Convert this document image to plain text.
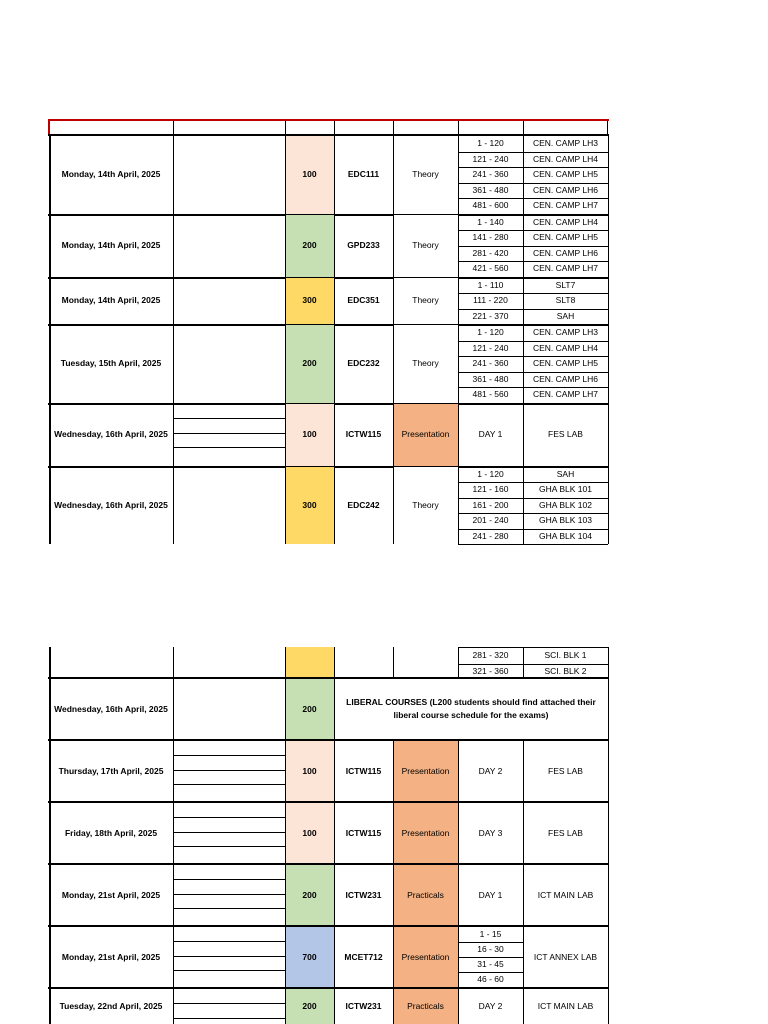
Monday, 14th April, 2025	100	EDC111	Theory
1 - 120	CEN. CAMP LH3
121 - 240	CEN. CAMP LH4
241 - 360	CEN. CAMP LH5
361 - 480	CEN. CAMP LH6
481 - 600	CEN. CAMP LH7
Monday, 14th April, 2025	200	GPD233	Theory
1 - 140	CEN. CAMP LH4
141 - 280	CEN. CAMP LH5
281 - 420	CEN. CAMP LH6
421 - 560	CEN. CAMP LH7
Monday, 14th April, 2025	300	EDC351	Theory
1 - 110	SLT7
111 - 220	SLT8
221 - 370	SAH
Tuesday, 15th April, 2025	200	EDC232	Theory
1 - 120	CEN. CAMP LH3
121 - 240	CEN. CAMP LH4
241 - 360	CEN. CAMP LH5
361 - 480	CEN. CAMP LH6
481 - 560	CEN. CAMP LH7
Wednesday, 16th April, 2025	100	ICTW115	Presentation	DAY 1	FES LAB
Wednesday, 16th April, 2025	300	EDC242	Theory
1 - 120	SAH
121 - 160	GHA BLK 101
161 - 200	GHA BLK 102
201 - 240	GHA BLK 103
241 - 280	GHA BLK 104
281 - 320	SCI. BLK 1
321 - 360	SCI. BLK 2
Wednesday, 16th April, 2025	200
LIBERAL COURSES (L200 students should find attached their liberal course schedule for the exams)
Thursday, 17th April, 2025	100	ICTW115	Presentation	DAY 2	FES LAB
Friday, 18th April, 2025	100	ICTW115	Presentation	DAY 3	FES LAB
Monday, 21st April, 2025	200	ICTW231	Practicals	DAY 1	ICT MAIN LAB
Monday, 21st April, 2025	700	MCET712	Presentation
1 - 15
16 - 30
31 - 45
46 - 60
ICT ANNEX LAB
Tuesday, 22nd April, 2025	200	ICTW231	Practicals	DAY 2	ICT MAIN LAB
